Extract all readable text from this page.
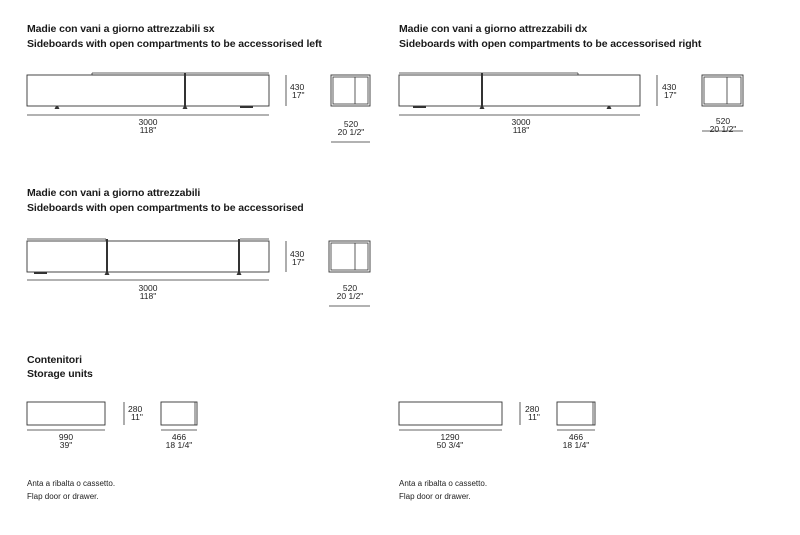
Madie con vani a giorno attrezzabili sx
Sideboards with open compartments to be accessorised left
3000
118"
430
17"
520
20 1/2"
Madie con vani a giorno attrezzabili dx
Sideboards with open compartments to be accessorised right
3000
118"
430
17"
520
20 1/2"
Madie con vani a giorno attrezzabili
Sideboards with open compartments to be accessorised
3000
118"
430
17"
520
20 1/2"
Contenitori
Storage units
990
39"
280
11"
466
18 1/4"
1290
50 3/4"
280
11"
466
18 1/4"
Anta a ribalta o cassetto.
Flap door or drawer.
Anta a ribalta o cassetto.
Flap door or drawer.
